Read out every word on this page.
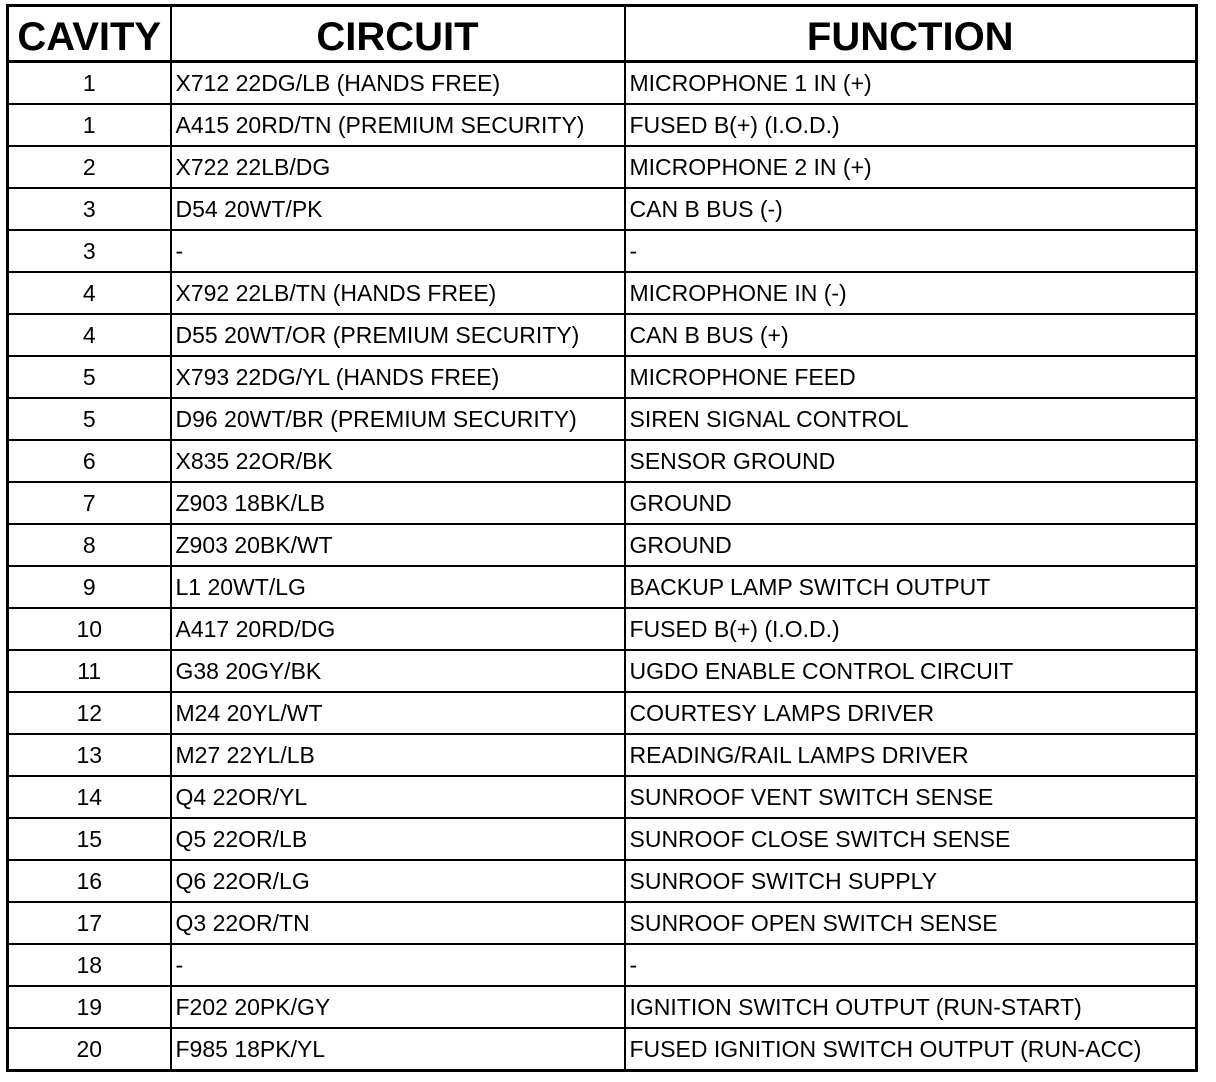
CAVITY	CIRCUIT	FUNCTION
1	X712 22DG/LB (HANDS FREE)	MICROPHONE 1 IN (+)
1	A415 20RD/TN (PREMIUM SECURITY)	FUSED B(+) (I.O.D.)
2	X722 22LB/DG	MICROPHONE 2 IN (+)
3	D54 20WT/PK	CAN B BUS (-)
3	-	-
4	X792 22LB/TN (HANDS FREE)	MICROPHONE IN (-)
4	D55 20WT/OR (PREMIUM SECURITY)	CAN B BUS (+)
5	X793 22DG/YL (HANDS FREE)	MICROPHONE FEED
5	D96 20WT/BR (PREMIUM SECURITY)	SIREN SIGNAL CONTROL
6	X835 22OR/BK	SENSOR GROUND
7	Z903 18BK/LB	GROUND
8	Z903 20BK/WT	GROUND
9	L1 20WT/LG	BACKUP LAMP SWITCH OUTPUT
10	A417 20RD/DG	FUSED B(+) (I.O.D.)
11	G38 20GY/BK	UGDO ENABLE CONTROL CIRCUIT
12	M24 20YL/WT	COURTESY LAMPS DRIVER
13	M27 22YL/LB	READING/RAIL LAMPS DRIVER
14	Q4 22OR/YL	SUNROOF VENT SWITCH SENSE
15	Q5 22OR/LB	SUNROOF CLOSE SWITCH SENSE
16	Q6 22OR/LG	SUNROOF SWITCH SUPPLY
17	Q3 22OR/TN	SUNROOF OPEN SWITCH SENSE
18	-	-
19	F202 20PK/GY	IGNITION SWITCH OUTPUT (RUN-START)
20	F985 18PK/YL	FUSED IGNITION SWITCH OUTPUT (RUN-ACC)
